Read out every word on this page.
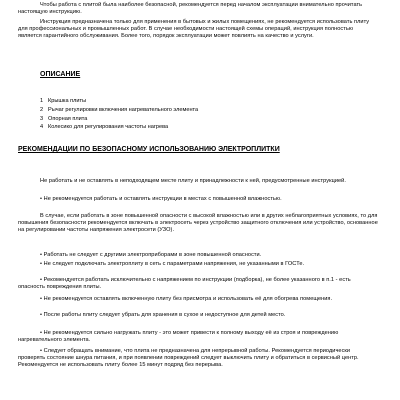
Чтобы работа с плитой была наиболее безопасной, рекомендуется перед началом эксплуатации внимательно прочитать настоящую инструкцию.

Инструкция предназначена только для применения в бытовых и жилых помещениях, не рекомендуется использовать плиту для профессиональных и промышленных работ. В случае необходимости настоящей схемы операций, инструкция полностью является гарантийного обслуживания. Более того, порядок эксплуатации может повлиять на качество и услуги.

ОПИСАНИЕ
1 Крышка плиты
2 Рычаг регулировки включения нагревательного элемента
3 Опорная плита
4 Колесико для регулирования частоты нагрева
РЕКОМЕНДАЦИИ ПО БЕЗОПАСНОМУ ИСПОЛЬЗОВАНИЮ ЭЛЕКТРОПЛИТКИ

Не работать и не оставлять в неподходящем месте плиту и принадлежности к ней, предусмотренные инструкцией.

• Не рекомендуется работать и оставлять инструкции в местах с повышенной влажностью.

В случае, если работать в зоне повышенной опасности с высокой влажностью или в других неблагоприятных условиях, то для повышения безопасности рекомендуется включать в электросеть через устройство защитного отключения или устройство, основанное на регулировании частоты напряжения электросети (УЗО).

• Работать не следует с другими электроприборами в зоне повышенной опасности.

• Не следует подключать электроплиту в сеть с параметрами напряжения, не указанными в ГОСТе.

• Рекомендуется работать исключительно с напряжением по инструкции (подборка), не более указанного в п.1 - есть опасность повреждения плиты.

• Не рекомендуется оставлять включенную плиту без присмотра и использовать её для обогрева помещения.

• После работы плиту следует убрать для хранения в сухое и недоступное для детей место.

• Не рекомендуется сильно нагружать плиту - это может привести к полному выходу её из строя и повреждению нагревательного элемента.

• Следует обращать внимание, что плита не предназначена для непрерывной работы. Рекомендуется периодически проверять состояние шнура питания, и при появлении повреждений следует выключить плиту и обратиться в сервисный центр. Рекомендуется не использовать плиту более 15 минут подряд без перерыва.
